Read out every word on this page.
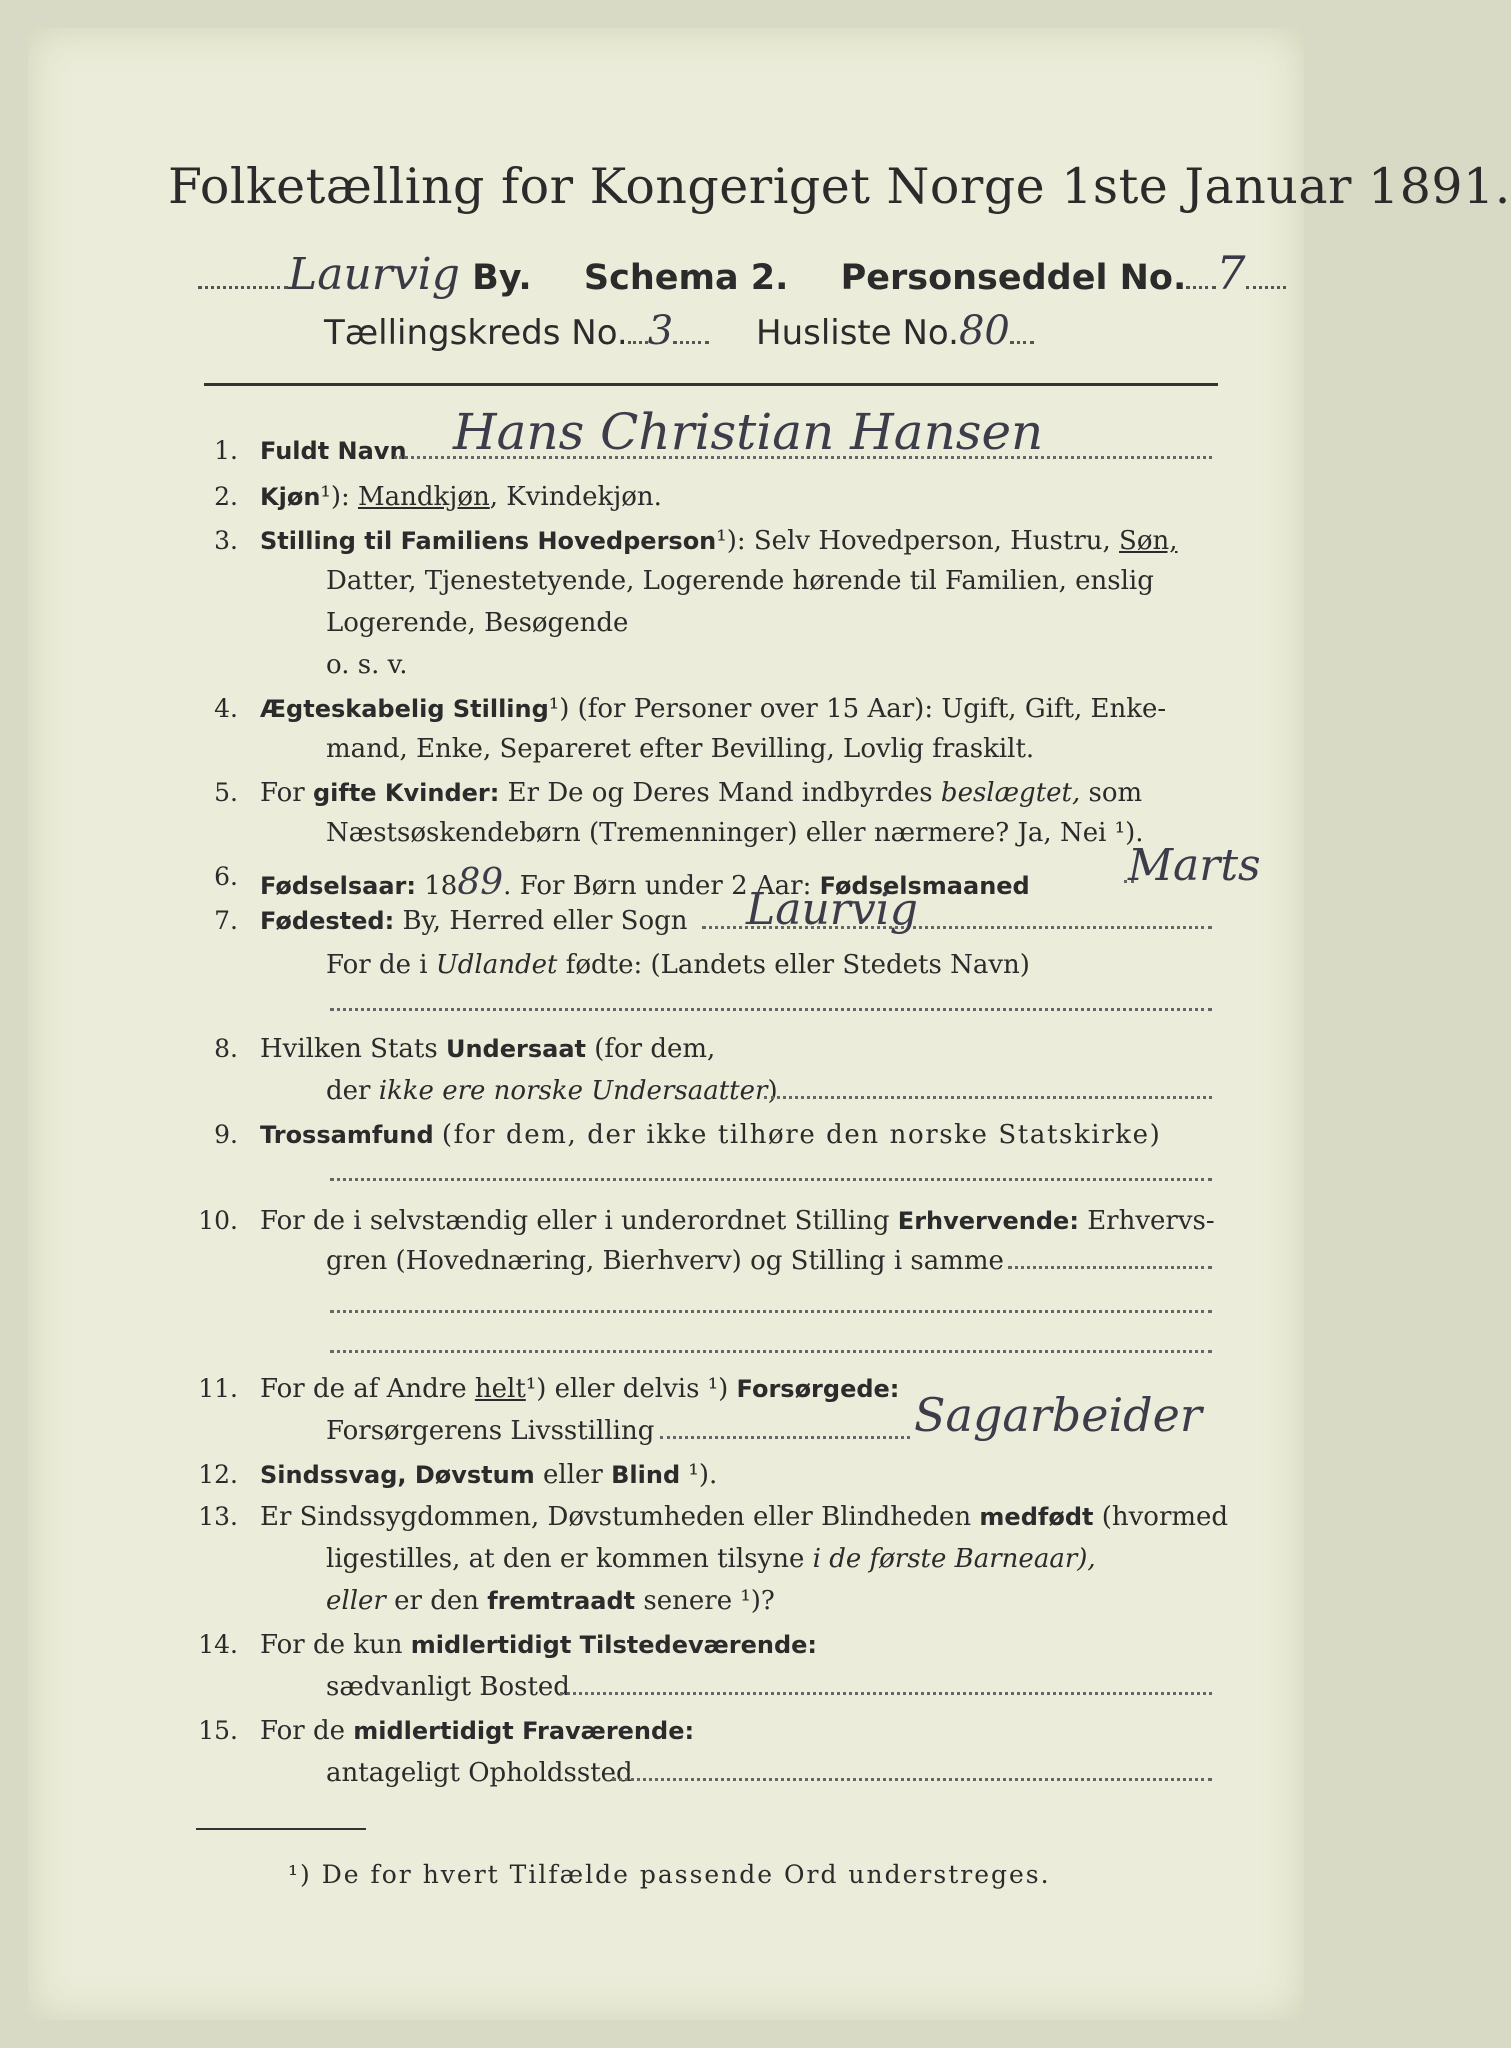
Folketælling for Kongeriget Norge 1ste Januar 1891.
Laurvig By. Schema 2. Personseddel No. 7
Tællingskreds No. 3 Husliste No.80
1. Fuldt Navn Hans Christian Hansen
2. Kjøn¹): Mandkjøn, Kvindekjøn.
3. Stilling til Familiens Hovedperson¹): Selv Hovedperson, Hustru, Søn,
Datter, Tjenestetyende, Logerende hørende til Familien, enslig
Logerende, Besøgende
o. s. v.
4. Ægteskabelig Stilling¹) (for Personer over 15 Aar): Ugift, Gift, Enke-
mand, Enke, Separeret efter Bevilling, Lovlig fraskilt.
5. For gifte Kvinder: Er De og Deres Mand indbyrdes beslægtet, som
Næstsøskendebørn (Tremenninger) eller nærmere? Ja, Nei ¹).
6. Fødselsaar: 1889. For Børn under 2 Aar: Fødselsmaaned Marts
7. Fødested: By, Herred eller Sogn Laurvig
For de i Udlandet fødte: (Landets eller Stedets Navn)
8. Hvilken Stats Undersaat (for dem,
der ikke ere norske Undersaatter)
9. Trossamfund (for dem, der ikke tilhøre den norske Statskirke)
10. For de i selvstændig eller i underordnet Stilling Erhvervende: Erhvervs-
gren (Hovednæring, Bierhverv) og Stilling i samme
11. For de af Andre helt¹) eller delvis ¹) Forsørgede:
Forsørgerens Livsstilling	Sagarbeider
12. Sindssvag, Døvstum eller Blind ¹).
13. Er Sindssygdommen, Døvstumheden eller Blindheden medfødt (hvormed
ligestilles, at den er kommen tilsyne i de første Barneaar),
eller er den fremtraadt senere ¹)?
14. For de kun midlertidigt Tilstedeværende:
sædvanligt Bosted
15. For de midlertidigt Fraværende:
antageligt Opholdssted
¹) De for hvert Tilfælde passende Ord understreges.
